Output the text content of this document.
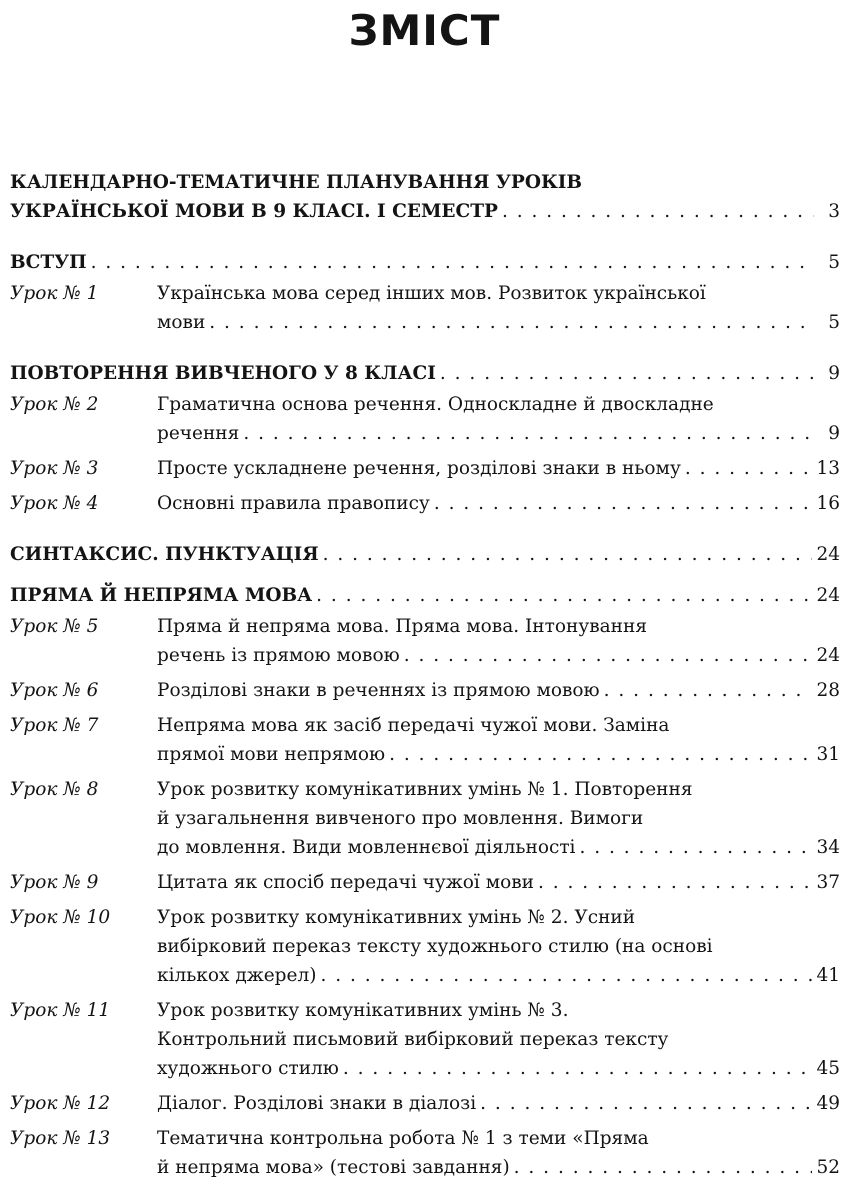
ЗМІСТ
КАЛЕНДАРНО-ТЕМАТИЧНЕ ПЛАНУВАННЯ УРОКІВ
УКРАЇНСЬКОЇ МОВИ В 9 КЛАСІ. І СЕМЕСТР . . .	3
ВСТУП . . .	5
Урок № 1	Українська мова серед інших мов. Розвиток української
мови . . .	5
ПОВТОРЕННЯ ВИВЧЕНОГО У 8 КЛАСІ . . .	9
Урок № 2	Граматична основа речення. Односкладне й двоскладне
речення . . .	9
Урок № 3	Просте ускладнене речення, розділові знаки в ньому . . .	13
Урок № 4	Основні правила правопису . . .	16
СИНТАКСИС. ПУНКТУАЦІЯ . . .	24
ПРЯМА Й НЕПРЯМА МОВА . . .	24
Урок № 5	Пряма й непряма мова. Пряма мова. Інтонування
речень із прямою мовою . . .	24
Урок № 6	Розділові знаки в реченнях із прямою мовою . . .	28
Урок № 7	Непряма мова як засіб передачі чужої мови. Заміна
прямої мови непрямою . . .	31
Урок № 8	Урок розвитку комунікативних умінь № 1. Повторення
й узагальнення вивченого про мовлення. Вимоги
до мовлення. Види мовленнєвої діяльності . . .	34
Урок № 9	Цитата як спосіб передачі чужої мови . . .	37
Урок № 10	Урок розвитку комунікативних умінь № 2. Усний
вибірковий переказ тексту художнього стилю (на основі
кількох джерел) . . .	41
Урок № 11	Урок розвитку комунікативних умінь № 3.
Контрольний письмовий вибірковий переказ тексту
художнього стилю . . .	45
Урок № 12	Діалог. Розділові знаки в діалозі . . .	49
Урок № 13	Тематична контрольна робота № 1 з теми «Пряма
й непряма мова» (тестові завдання) . . .	52
